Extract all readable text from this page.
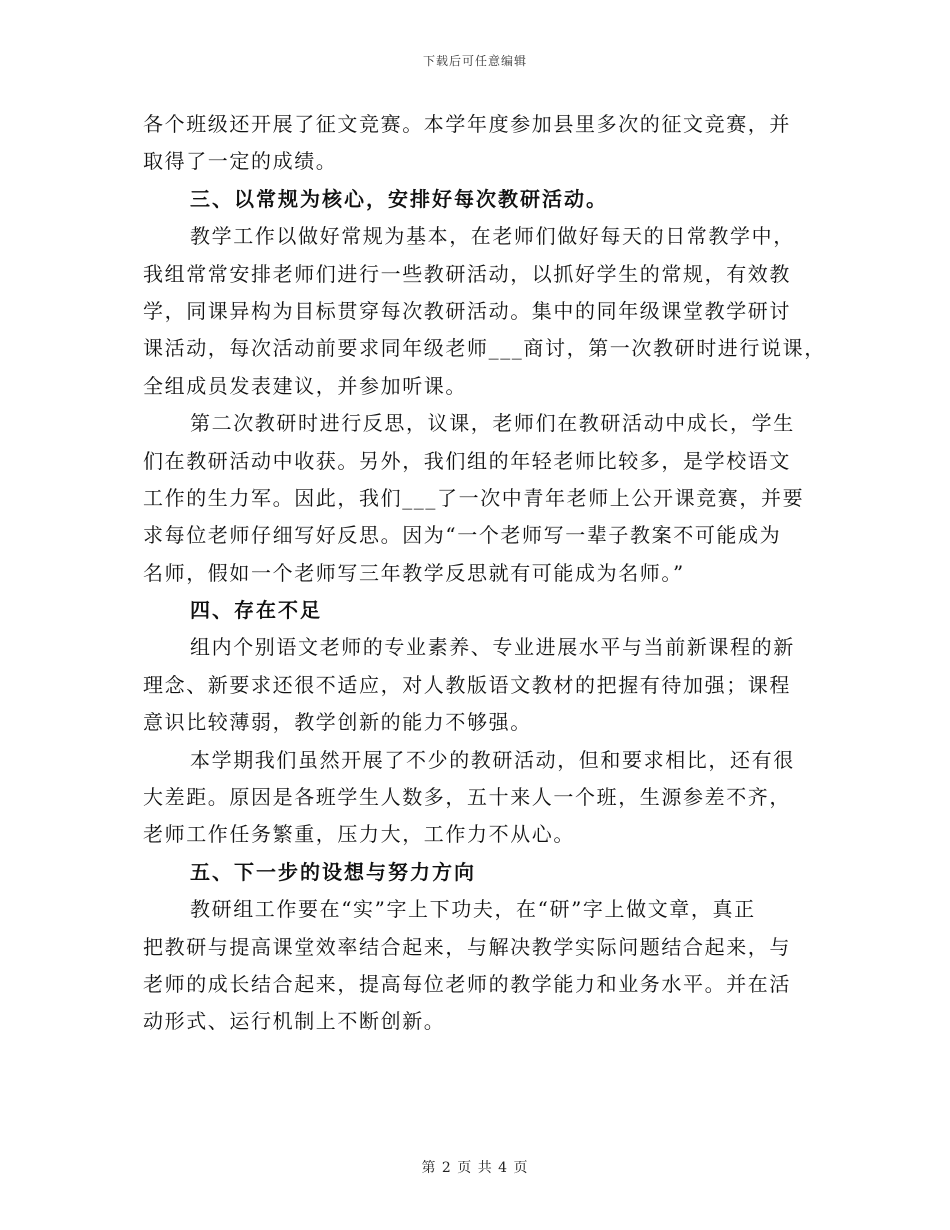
下载后可任意编辑
各个班级还开展了征文竞赛。本学年度参加县里多次的征文竞赛，并
取得了一定的成绩。
三、以常规为核心，安排好每次教研活动。
教学工作以做好常规为基本，在老师们做好每天的日常教学中，
我组常常安排老师们进行一些教研活动，以抓好学生的常规，有效教
学，同课异构为目标贯穿每次教研活动。集中的同年级课堂教学研讨
课活动，每次活动前要求同年级老师___商讨，第一次教研时进行说课，
全组成员发表建议，并参加听课。
第二次教研时进行反思，议课，老师们在教研活动中成长，学生
们在教研活动中收获。另外，我们组的年轻老师比较多，是学校语文
工作的生力军。因此，我们___了一次中青年老师上公开课竞赛，并要
求每位老师仔细写好反思。因为“一个老师写一辈子教案不可能成为
名师，假如一个老师写三年教学反思就有可能成为名师。”
四、存在不足
组内个别语文老师的专业素养、专业进展水平与当前新课程的新
理念、新要求还很不适应，对人教版语文教材的把握有待加强；课程
意识比较薄弱，教学创新的能力不够强。
本学期我们虽然开展了不少的教研活动，但和要求相比，还有很
大差距。原因是各班学生人数多，五十来人一个班，生源参差不齐，
老师工作任务繁重，压力大，工作力不从心。
五、下一步的设想与努力方向
教研组工作要在“实”字上下功夫，在“研”字上做文章，真正
把教研与提高课堂效率结合起来，与解决教学实际问题结合起来，与
老师的成长结合起来，提高每位老师的教学能力和业务水平。并在活
动形式、运行机制上不断创新。
第 2 页 共 4 页
